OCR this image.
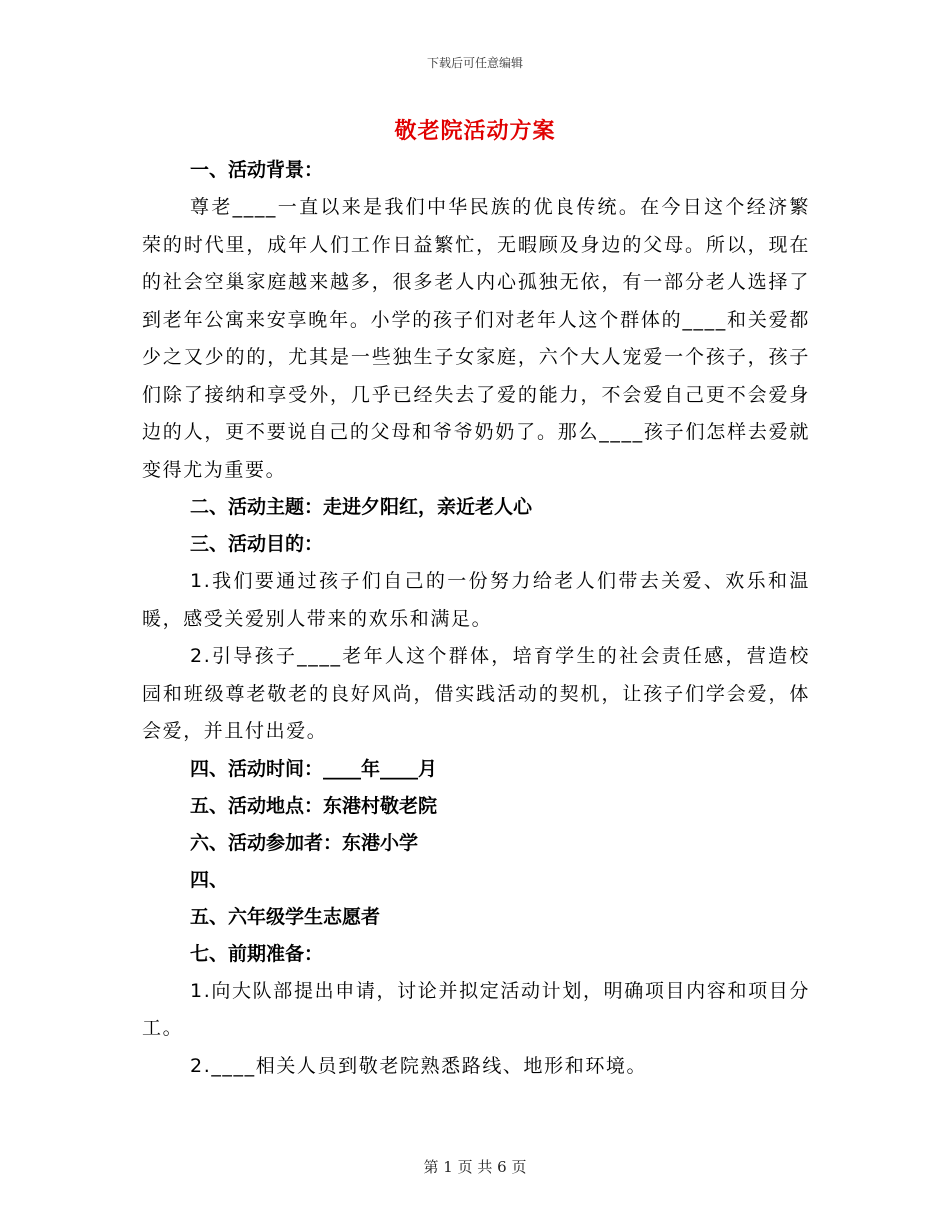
下载后可任意编辑
敬老院活动方案
一、活动背景：

尊老____一直以来是我们中华民族的优良传统。在今日这个经济繁荣的时代里，成年人们工作日益繁忙，无暇顾及身边的父母。所以，现在的社会空巢家庭越来越多，很多老人内心孤独无依，有一部分老人选择了到老年公寓来安享晚年。小学的孩子们对老年人这个群体的____和关爱都少之又少的的，尤其是一些独生子女家庭，六个大人宠爱一个孩子，孩子们除了接纳和享受外，几乎已经失去了爱的能力，不会爱自己更不会爱身边的人，更不要说自己的父母和爷爷奶奶了。那么____孩子们怎样去爱就变得尤为重要。

二、活动主题：走进夕阳红，亲近老人心
三、活动目的：

1.我们要通过孩子们自己的一份努力给老人们带去关爱、欢乐和温暖，感受关爱别人带来的欢乐和满足。

2.引导孩子____老年人这个群体，培育学生的社会责任感，营造校园和班级尊老敬老的良好风尚，借实践活动的契机，让孩子们学会爱，体会爱，并且付出爱。

四、活动时间：____年____月
五、活动地点：东港村敬老院
六、活动参加者：东港小学
四、
五、六年级学生志愿者
七、前期准备：

1.向大队部提出申请，讨论并拟定活动计划，明确项目内容和项目分工。

2.____相关人员到敬老院熟悉路线、地形和环境。

第 1 页 共 6 页
